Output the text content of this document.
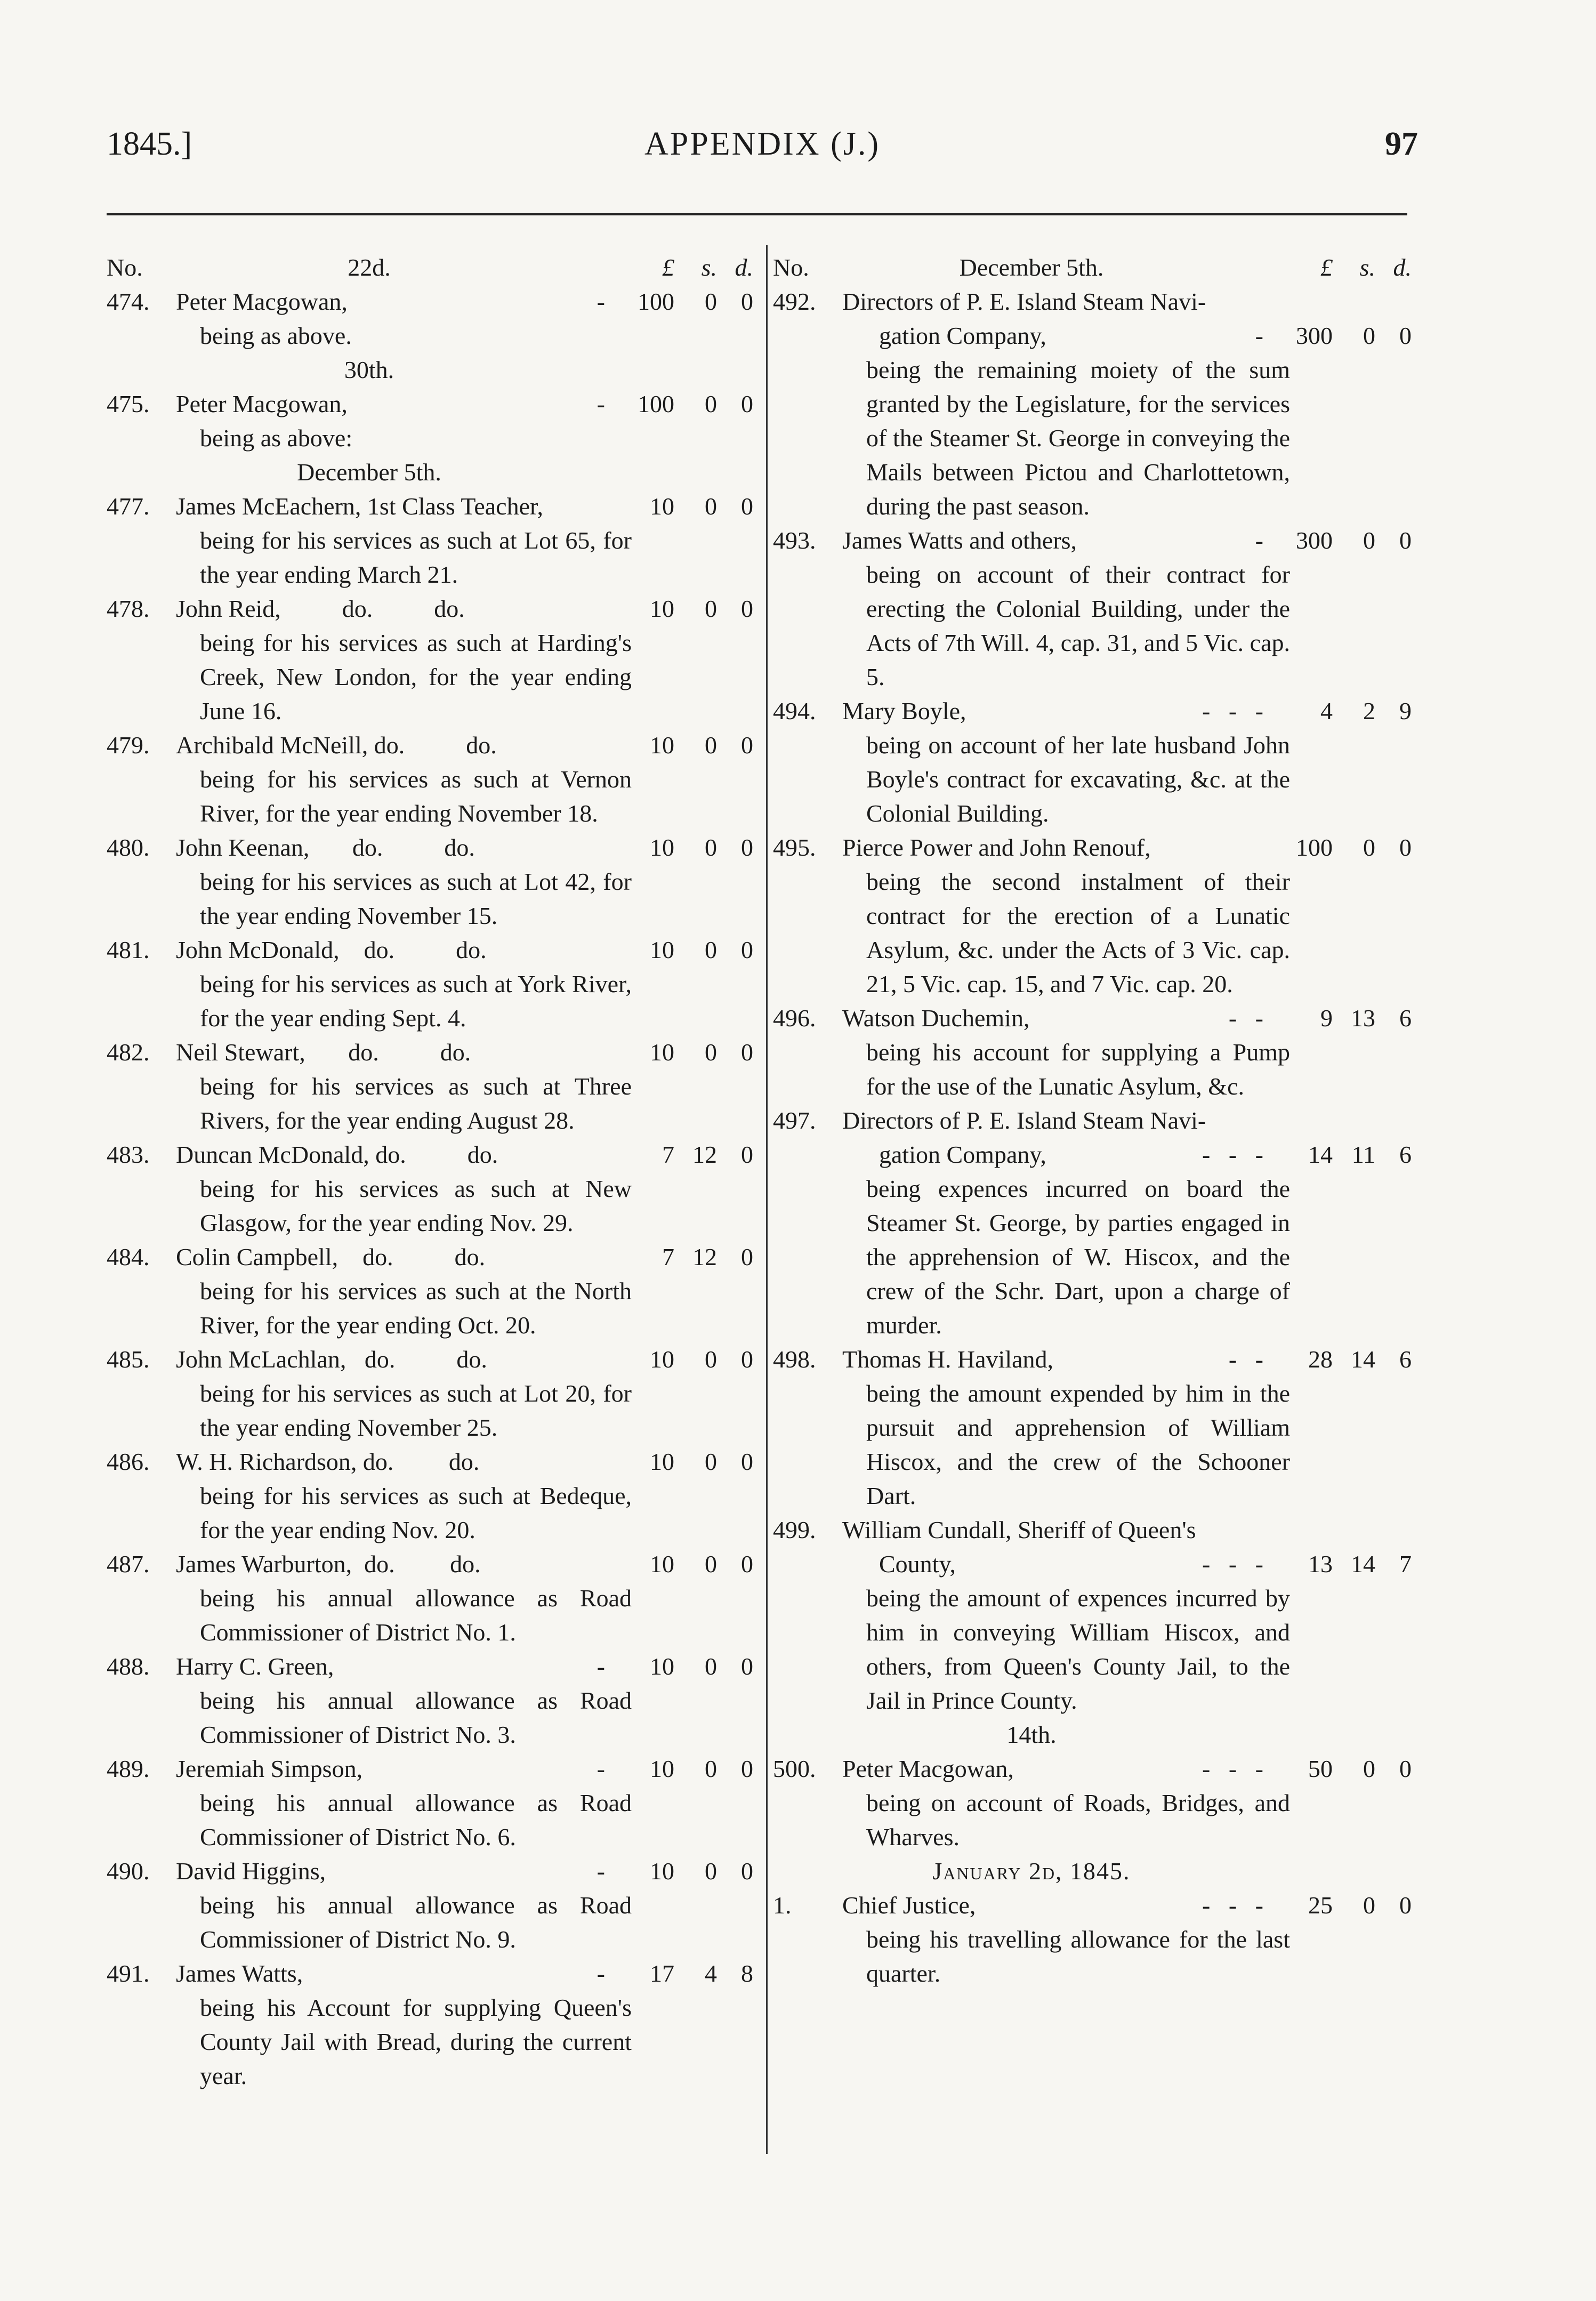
1845.]	APPENDIX (J.)	97
No.	22d.	£	s. d.
474.	Peter Macgowan,	- 100	0 0
being as above.
30th.
475.	Peter Macgowan,	- 100	0 0
being as above:
December 5th.
477.	James McEachern, 1st Class Teacher,	10	0 0
being for his services as such at Lot 65, for the year ending March 21.
478.	John Reid,          do.          do.	10	0 0
being for his services as such at Harding's Creek, New London, for the year ending June 16.
479.	Archibald McNeill, do.          do.	10	0 0
being for his services as such at Vernon River, for the year ending November 18.
480.	John Keenan,       do.          do.	10	0 0
being for his services as such at Lot 42, for the year ending November 15.
481.	John McDonald,    do.          do.	10	0 0
being for his services as such at York River, for the year ending Sept. 4.
482.	Neil Stewart,       do.          do.	10	0 0
being for his services as such at Three Rivers, for the year ending August 28.
483.	Duncan McDonald, do.          do.	7 12 0
being for his services as such at New Glasgow, for the year ending Nov. 29.
484.	Colin Campbell,    do.          do.	7 12 0
being for his services as such at the North River, for the year ending Oct. 20.
485.	John McLachlan,   do.          do.	10	0 0
being for his services as such at Lot 20, for the year ending November 25.
486.	W. H. Richardson, do.         do.	10	0 0
being for his services as such at Bedeque, for the year ending Nov. 20.
487.	James Warburton,  do.         do.	10	0 0
being his annual allowance as Road Commissioner of District No. 1.
488.	Harry C. Green,	- 10	0 0
being his annual allowance as Road Commissioner of District No. 3.
489.	Jeremiah Simpson,	- 10	0 0
being his annual allowance as Road Commissioner of District No. 6.
490.	David Higgins,	- 10	0 0
being his annual allowance as Road Commissioner of District No. 9.
491.	James Watts,	- 17	4 8
being his Account for supplying Queen's County Jail with Bread, during the current year.
No.	December 5th.	£	s. d.
492.	Directors of P. E. Island Steam Navi-
gation Company,	- 300	0 0
being the remaining moiety of the sum granted by the Legislature, for the services of the Steamer St. George in conveying the Mails between Pictou and Charlottetown, during the past season.
493.	James Watts and others,	- 300	0 0
being on account of their contract for erecting the Colonial Building, under the Acts of 7th Will. 4, cap. 31, and 5 Vic. cap. 5.
494.	Mary Boyle,	-   -   - 4	2 9
being on account of her late husband John Boyle's contract for excavating, &c. at the Colonial Building.
495.	Pierce Power and John Renouf,	100	0 0
being the second instalment of their contract for the erection of a Lunatic Asylum, &c. under the Acts of 3 Vic. cap. 21, 5 Vic. cap. 15, and 7 Vic. cap. 20.
496.	Watson Duchemin,	-   - 9 13 6
being his account for supplying a Pump for the use of the Lunatic Asylum, &c.
497.	Directors of P. E. Island Steam Navi-
gation Company,	-   -   - 14 11 6
being expences incurred on board the Steamer St. George, by parties engaged in the apprehension of W. Hiscox, and the crew of the Schr. Dart, upon a charge of murder.
498.	Thomas H. Haviland,	-   - 28 14 6
being the amount expended by him in the pursuit and apprehension of William Hiscox, and the crew of the Schooner Dart.
499.	William Cundall, Sheriff of Queen's
County,	-   -   - 13 14 7
being the amount of expences incurred by him in conveying William Hiscox, and others, from Queen's County Jail, to the Jail in Prince County.
14th.
500.	Peter Macgowan,	-   -   - 50	0 0
being on account of Roads, Bridges, and Wharves.
January 2d, 1845.
1.	Chief Justice,	-   -   - 25	0 0
being his travelling allowance for the last quarter.
